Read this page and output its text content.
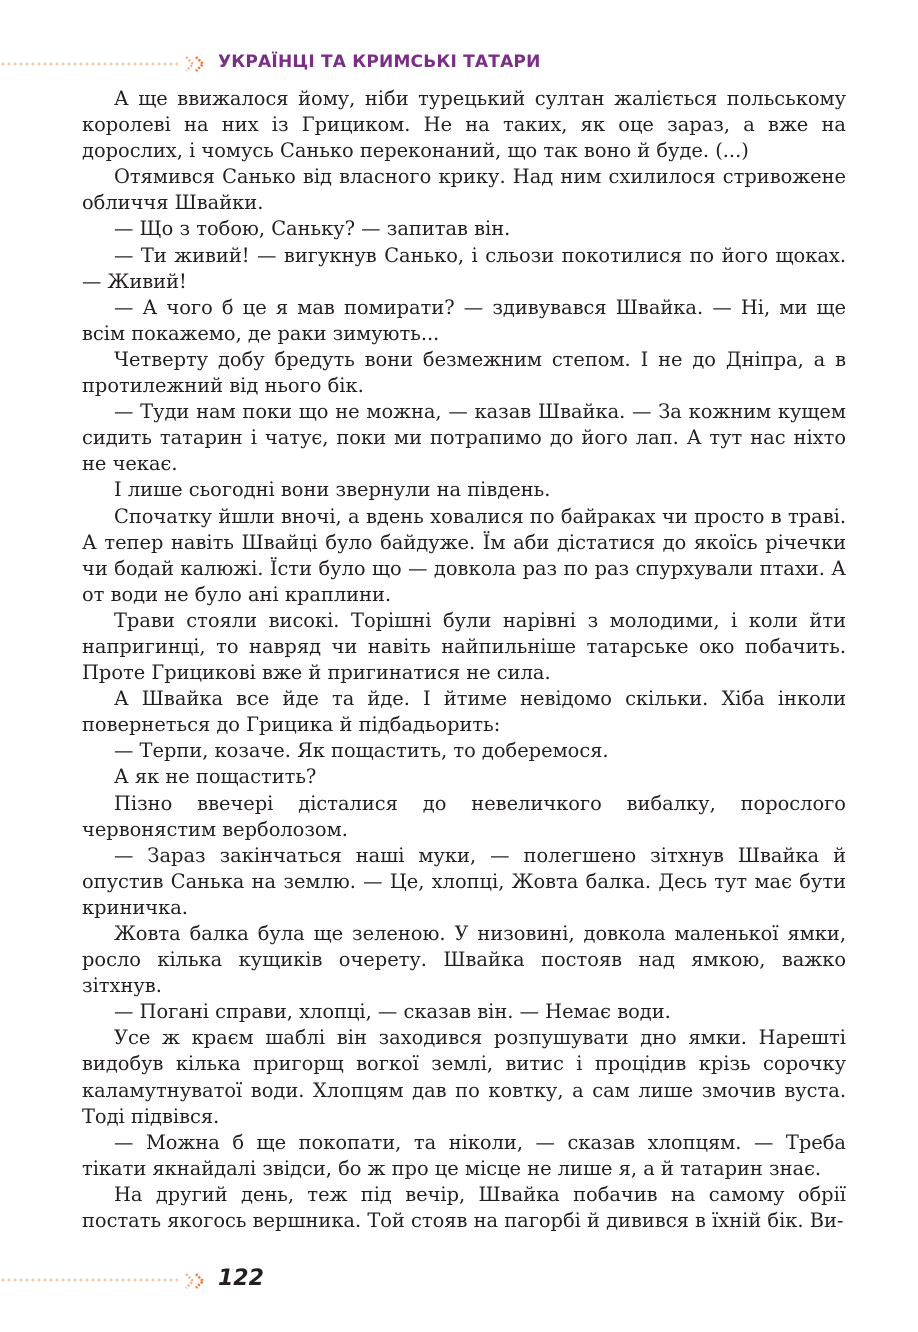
УКРАЇНЦІ ТА КРИМСЬКІ ТАТАРИ

А ще ввижалося йому, ніби турецький султан жаліється польському королеві на них із Грициком. Не на таких, як оце зараз, а вже на дорослих, і чомусь Санько переконаний, що так воно й буде. (...)

Отямився Санько від власного крику. Над ним схилилося стривожене обличчя Швайки.

— Що з тобою, Саньку? — запитав він.

— Ти живий! — вигукнув Санько, і сльози покотилися по його щоках. — Живий!

— А чого б це я мав помирати? — здивувався Швайка. — Ні, ми ще всім покажемо, де раки зимують...

Четверту добу бредуть вони безмежним степом. І не до Дніпра, а в протилежний від нього бік.

— Туди нам поки що не можна, — казав Швайка. — За кожним кущем сидить татарин і чатує, поки ми потрапимо до його лап. А тут нас ніхто не чекає.

І лише сьогодні вони звернули на південь.

Спочатку йшли вночі, а вдень ховалися по байраках чи просто в траві. А тепер навіть Швайці було байдуже. Їм аби дістатися до якоїсь річечки чи бодай калюжі. Їсти було що — довкола раз по раз спурхували птахи. А от води не було ані краплини.

Трави стояли високі. Торішні були нарівні з молодими, і коли йти напригинці, то навряд чи навіть найпильніше татарське око побачить. Проте Грицикові вже й пригинатися не сила.

А Швайка все йде та йде. І йтиме невідомо скільки. Хіба інколи повернеться до Грицика й підбадьорить:

— Терпи, козаче. Як пощастить, то доберемося.

А як не пощастить?

Пізно ввечері дісталися до невеличкого вибалку, порослого червоняcтим верболозом.

— Зараз закінчаться наші муки, — полегшено зітхнув Швайка й опустив Санька на землю. — Це, хлопці, Жовта балка. Десь тут має бути криничка.

Жовта балка була ще зеленою. У низовині, довкола маленької ямки, росло кілька кущиків очерету. Швайка постояв над ямкою, важко зітхнув.

— Погані справи, хлопці, — сказав він. — Немає води.

Усе ж краєм шаблі він заходився розпушувати дно ямки. Нарешті видобув кілька пригорщ вогкої землі, витис і процідив крізь сорочку каламутнуватої води. Хлопцям дав по ковтку, а сам лише змочив вуста. Тоді підвівся.

— Можна б ще покопати, та ніколи, — сказав хлопцям. — Треба тікати якнайдалі звідси, бо ж про це місце не лише я, а й татарин знає.

На другий день, теж під вечір, Швайка побачив на самому обрії постать якогось вершника. Той стояв на пагорбі й дивився в їхній бік. Ви-

122
